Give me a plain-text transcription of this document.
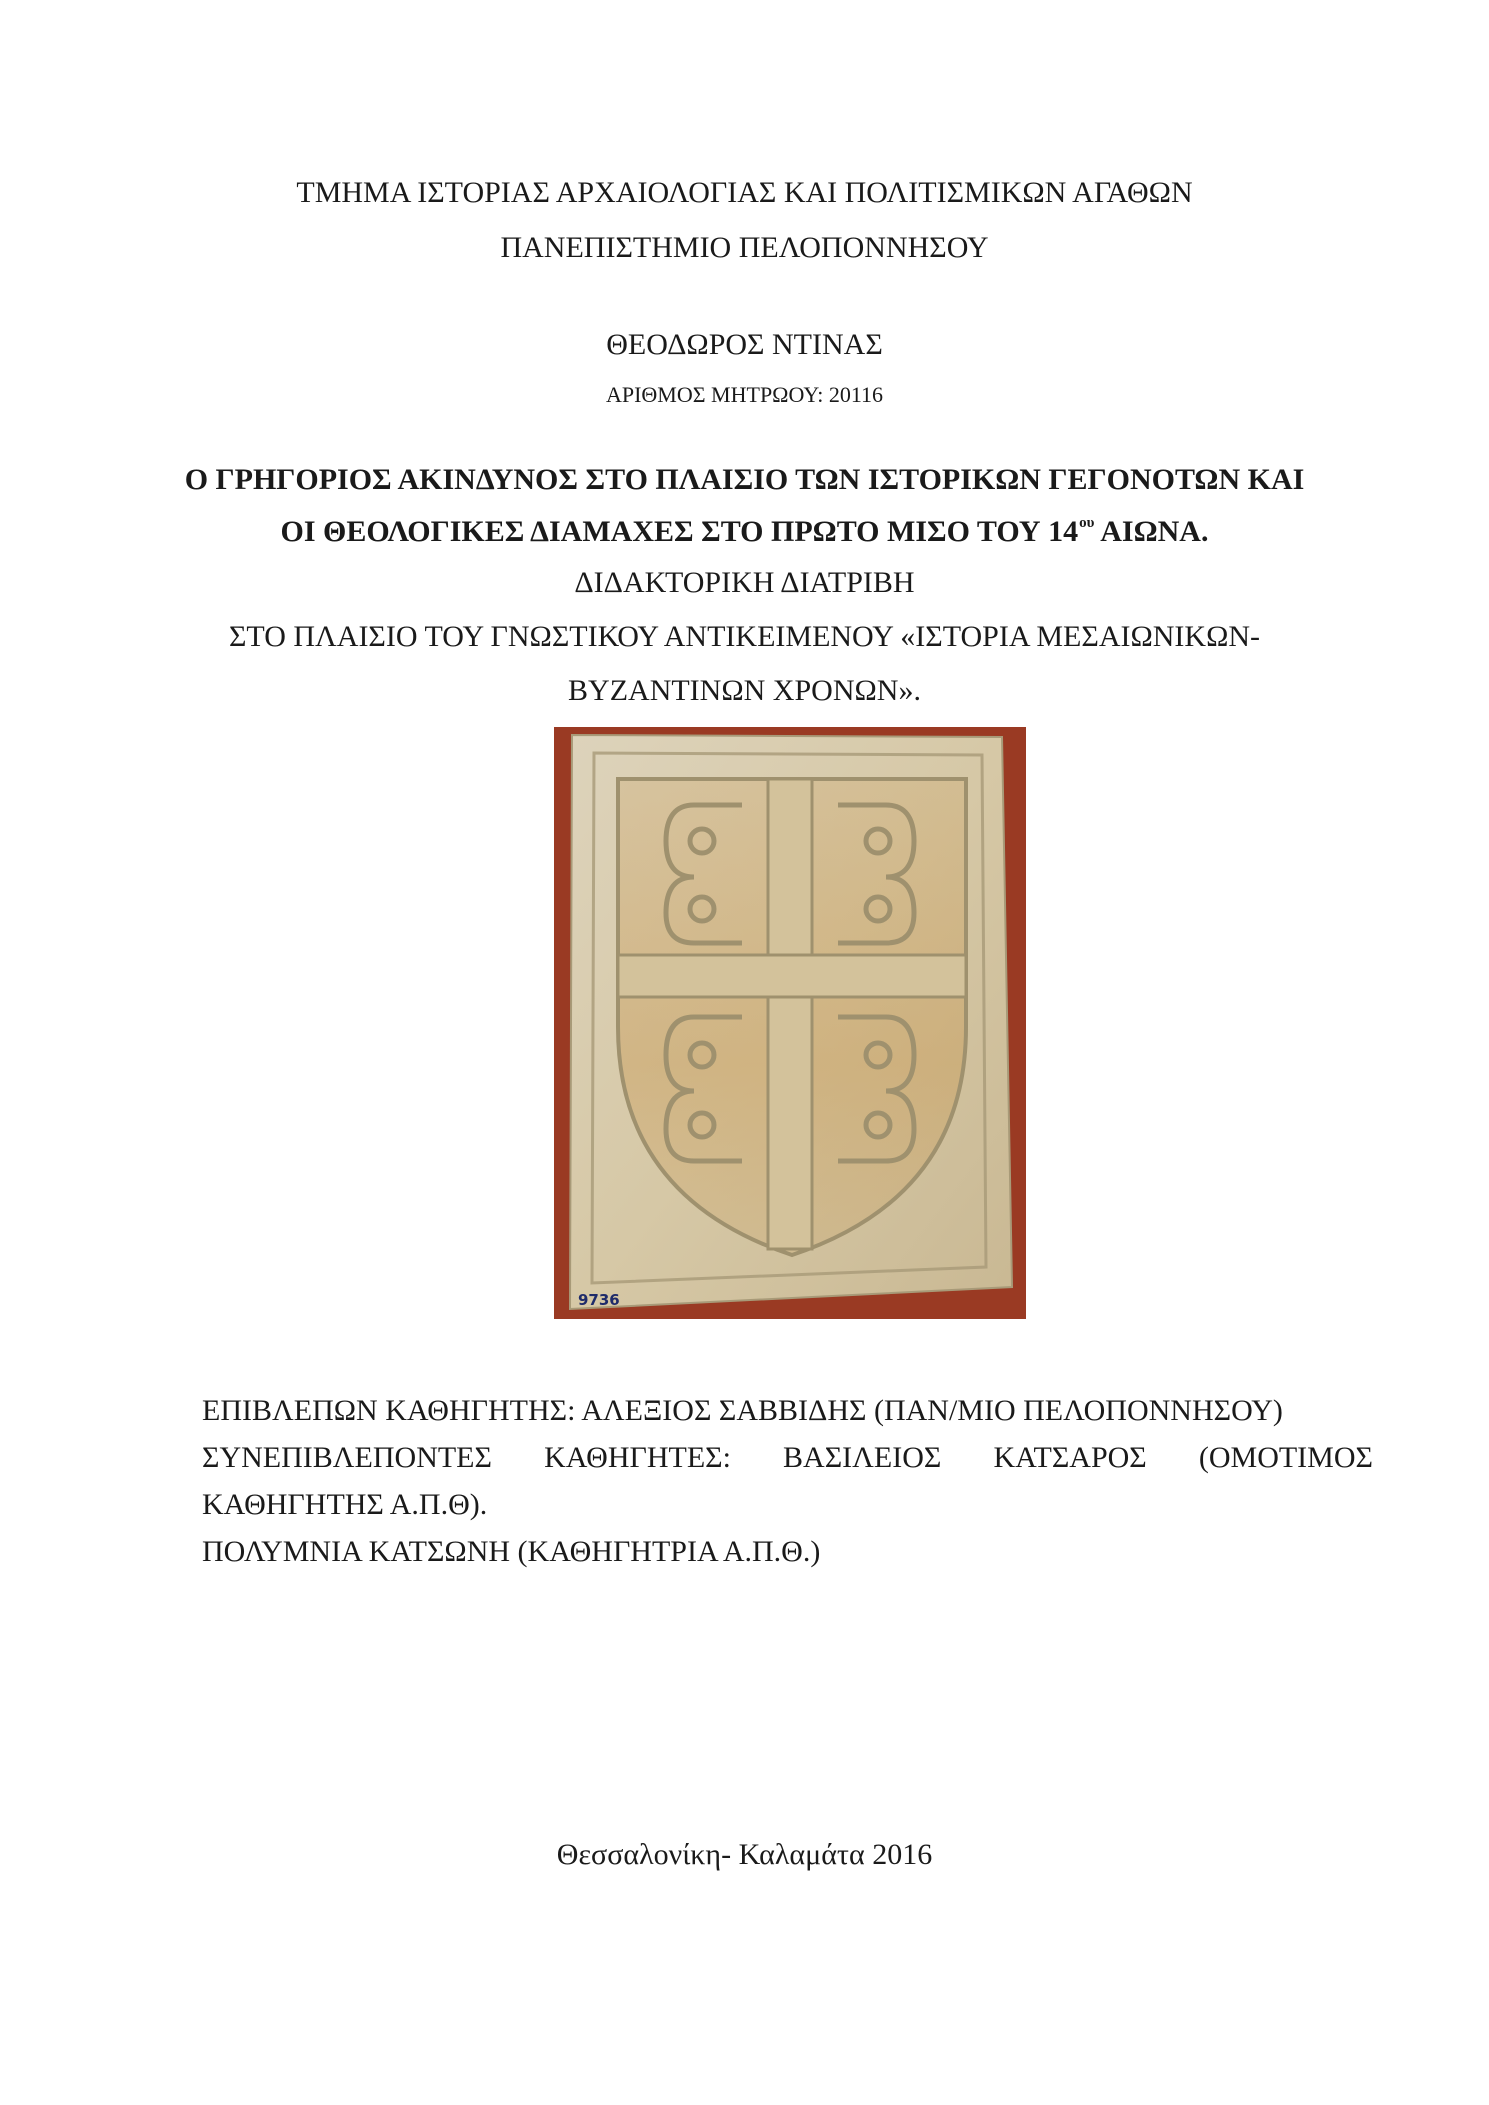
ΤΜΗΜΑ ΙΣΤΟΡΙΑΣ ΑΡΧΑΙΟΛΟΓΙΑΣ ΚΑΙ ΠΟΛΙΤΙΣΜΙΚΩΝ ΑΓΑΘΩΝ
ΠΑΝΕΠΙΣΤΗΜΙΟ ΠΕΛΟΠΟΝΝΗΣΟΥ
ΘΕΟΔΩΡΟΣ ΝΤΙΝΑΣ
ΑΡΙΘΜΟΣ ΜΗΤΡΩΟΥ: 20116
Ο ΓΡΗΓΟΡΙΟΣ ΑΚΙΝΔΥΝΟΣ ΣΤΟ ΠΛΑΙΣΙΟ ΤΩΝ ΙΣΤΟΡΙΚΩΝ ΓΕΓΟΝΟΤΩΝ ΚΑΙ
ΟΙ ΘΕΟΛΟΓΙΚΕΣ ΔΙΑΜΑΧΕΣ ΣΤΟ ΠΡΩΤΟ ΜΙΣΟ ΤΟΥ $14^{o\upsilon}$ ΑΙΩΝΑ.
ΔΙΔΑΚΤΟΡΙΚΗ ΔΙΑΤΡΙΒΗ
ΣΤΟ ΠΛΑΙΣΙΟ ΤΟΥ ΓΝΩΣΤΙΚΟΥ ΑΝΤΙΚΕΙΜΕΝΟΥ «ΙΣΤΟΡΙΑ ΜΕΣΑΙΩΝΙΚΩΝ-
ΒΥΖΑΝΤΙΝΩΝ ΧΡΟΝΩΝ».
9736
ΕΠΙΒΛΕΠΩΝ ΚΑΘΗΓΗΤΗΣ: ΑΛΕΞΙΟΣ ΣΑΒΒΙΔΗΣ (ΠΑΝ/ΜΙΟ ΠΕΛΟΠΟΝΝΗΣΟΥ)
ΣΥΝΕΠΙΒΛΕΠΟΝΤΕΣ ΚΑΘΗΓΗΤΕΣ: ΒΑΣΙΛΕΙΟΣ ΚΑΤΣΑΡΟΣ (ΟΜΟΤΙΜΟΣ
ΚΑΘΗΓΗΤΗΣ Α.Π.Θ).
ΠΟΛΥΜΝΙΑ ΚΑΤΣΩΝΗ (ΚΑΘΗΓΗΤΡΙΑ Α.Π.Θ.)
Θεσσαλονίκη- Καλαμάτα 2016
